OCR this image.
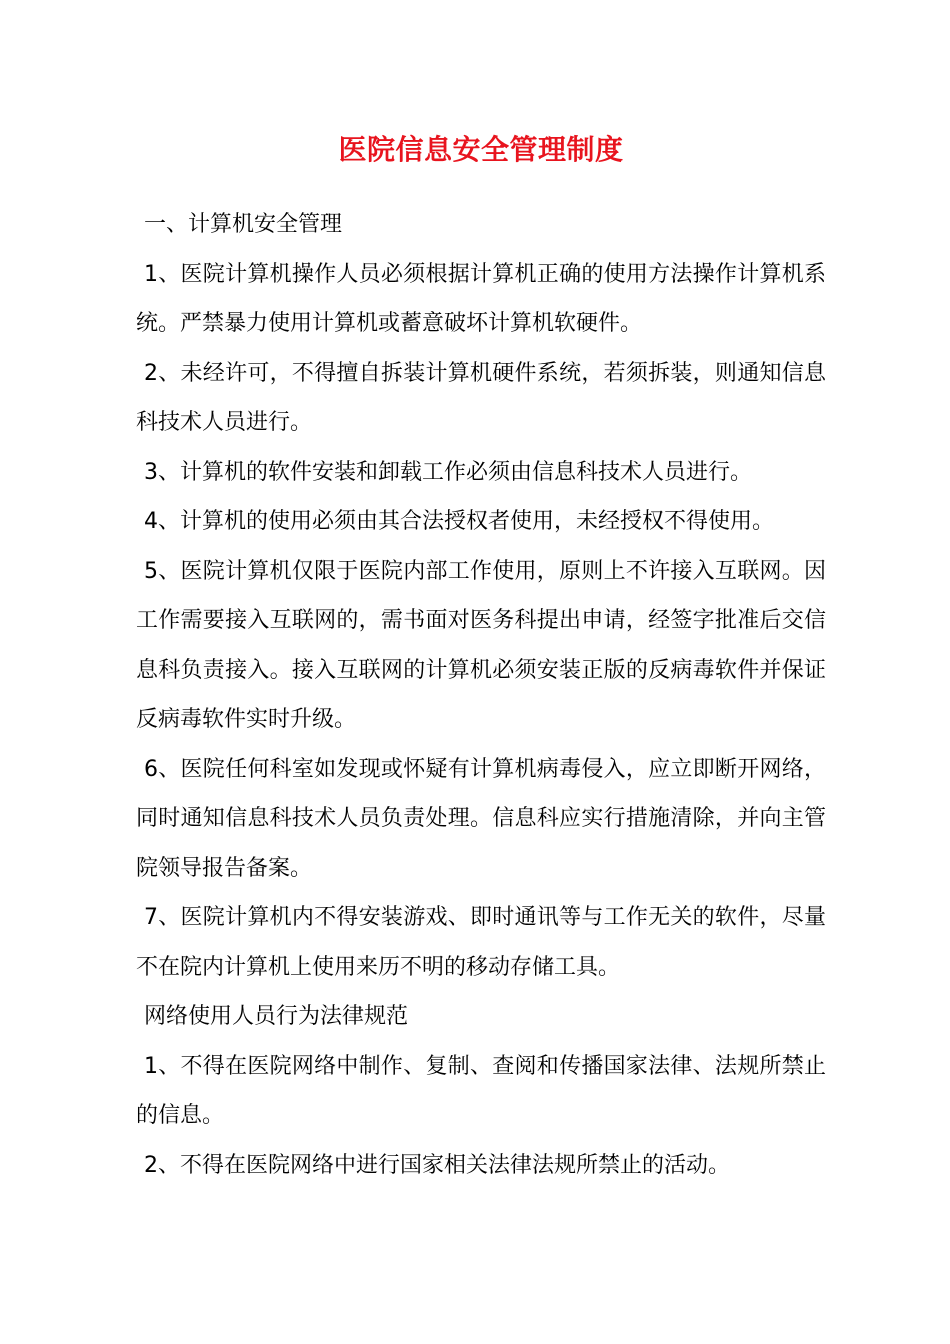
医院信息安全管理制度

一、计算机安全管理

1、医院计算机操作人员必须根据计算机正确的使用方法操作计算机系统。严禁暴力使用计算机或蓄意破坏计算机软硬件。

2、未经许可，不得擅自拆装计算机硬件系统，若须拆装，则通知信息科技术人员进行。

3、计算机的软件安装和卸载工作必须由信息科技术人员进行。

4、计算机的使用必须由其合法授权者使用，未经授权不得使用。

5、医院计算机仅限于医院内部工作使用，原则上不许接入互联网。因工作需要接入互联网的，需书面对医务科提出申请，经签字批准后交信息科负责接入。接入互联网的计算机必须安装正版的反病毒软件并保证反病毒软件实时升级。

6、医院任何科室如发现或怀疑有计算机病毒侵入，应立即断开网络，同时通知信息科技术人员负责处理。信息科应实行措施清除，并向主管院领导报告备案。

7、医院计算机内不得安装游戏、即时通讯等与工作无关的软件，尽量不在院内计算机上使用来历不明的移动存储工具。

网络使用人员行为法律规范

1、不得在医院网络中制作、复制、查阅和传播国家法律、法规所禁止的信息。

2、不得在医院网络中进行国家相关法律法规所禁止的活动。
